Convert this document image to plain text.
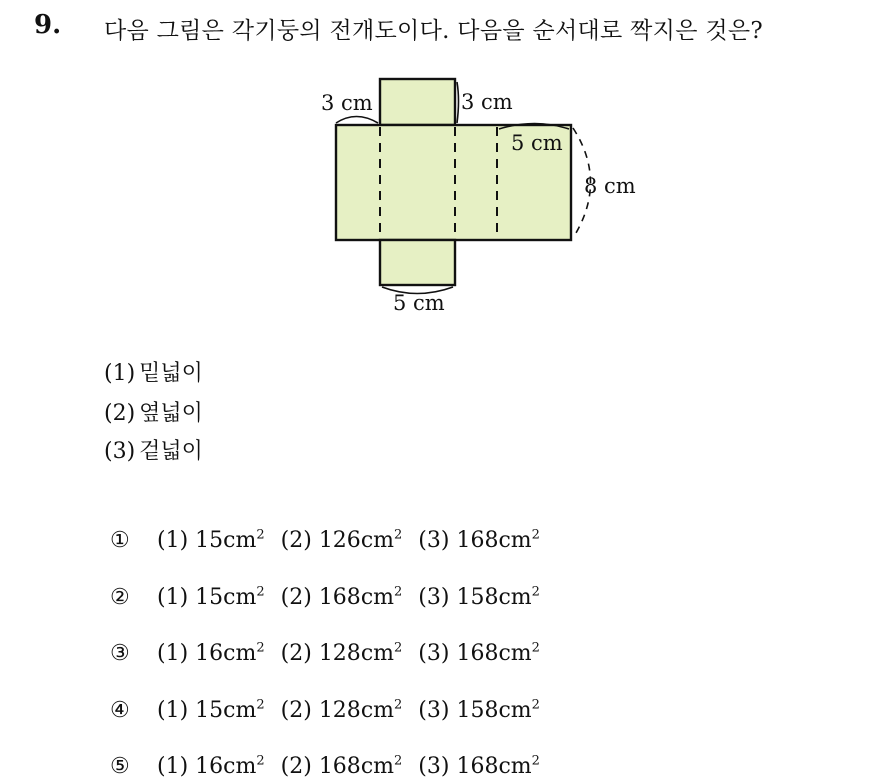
9. 다음 그림은 각기둥의 전개도이다. 다음을 순서대로 짝지은 것은?
3 cm	3 cm
5 cm
8 cm
5 cm
(1) 밑넓이
(2) 옆넓이
(3) 겉넓이
① (1) $15cm^2$ (2) $126cm^2$ (3) $168cm^2$
② (1) $15cm^2$ (2) $168cm^2$ (3) $158cm^2$
③ (1) $16cm^2$ (2) $128cm^2$ (3) $168cm^2$
④ (1) $15cm^2$ (2) $128cm^2$ (3) $158cm^2$
⑤ (1) $16cm^2$ (2) $168cm^2$ (3) $168cm^2$
